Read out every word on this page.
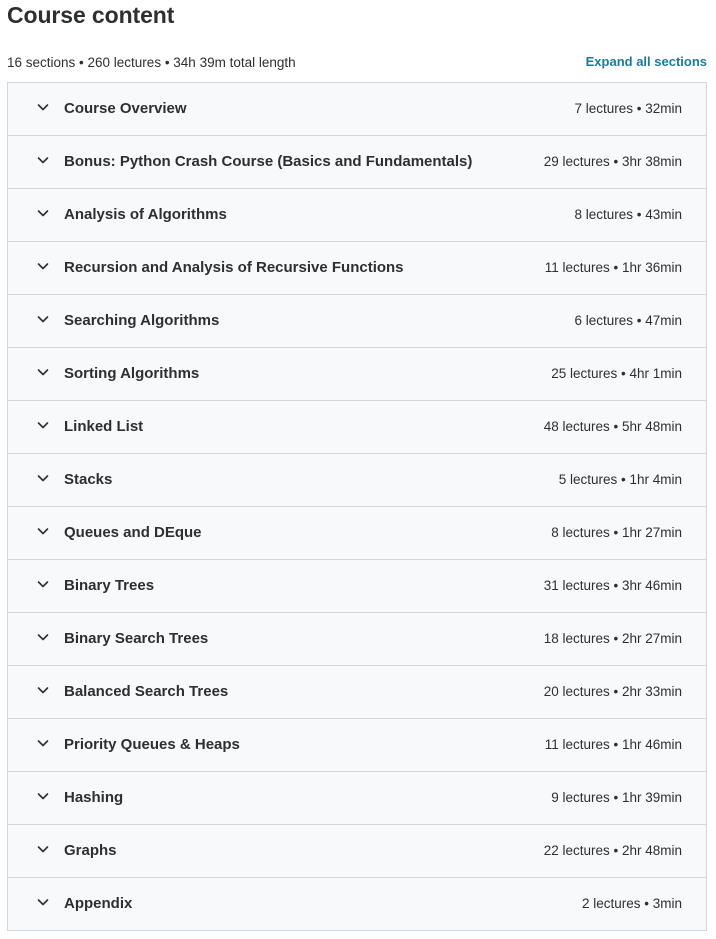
Course content
16 sections • 260 lectures • 34h 39m total length	Expand all sections
Course Overview	7 lectures • 32min
Bonus: Python Crash Course (Basics and Fundamentals)	29 lectures • 3hr 38min
Analysis of Algorithms	8 lectures • 43min
Recursion and Analysis of Recursive Functions	11 lectures • 1hr 36min
Searching Algorithms	6 lectures • 47min
Sorting Algorithms	25 lectures • 4hr 1min
Linked List	48 lectures • 5hr 48min
Stacks	5 lectures • 1hr 4min
Queues and DEque	8 lectures • 1hr 27min
Binary Trees	31 lectures • 3hr 46min
Binary Search Trees	18 lectures • 2hr 27min
Balanced Search Trees	20 lectures • 2hr 33min
Priority Queues & Heaps	11 lectures • 1hr 46min
Hashing	9 lectures • 1hr 39min
Graphs	22 lectures • 2hr 48min
Appendix	2 lectures • 3min
